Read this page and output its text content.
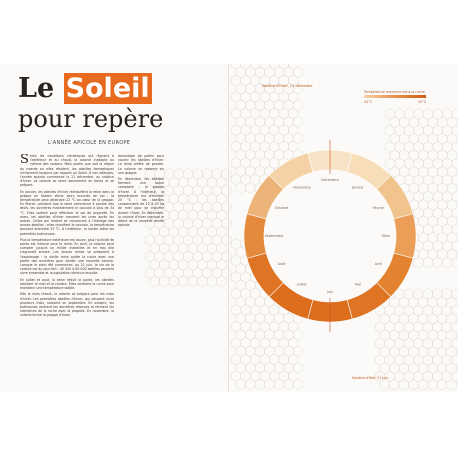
Le Soleil
pour repère
L'ANNÉE APICOLE EN EUROPE
S elon les conditions climatiques qui règnent à l'extérieur et au chaud, la colonie s'adapte au rythme des saisons. Mais quelle que soit la région du monde où elles résident, les abeilles domestiques s'informent toujours par rapport au Soleil. À nos latitudes, l'année apicole commence le 21 décembre, au solstice d'hiver. La colonie se serre doucement en boule et se prépare.

En janvier, les abeilles d'hiver réchauffent la reine dans la grappe en faisant vibrer leurs muscles de vol : la température peut atteindre 22 °C au cœur de la grappe. En février, pendant que la reine commence à pondre des œufs, les ouvrières maintiennent le couvain à plus de 34 °C. Elles sortent pour effectuer le vol de propreté. En mars, les abeilles d'hiver meurent les unes après les autres. Celles qui restent se consacrent à l'élevage des jeunes abeilles : elles chauffent le couvain, la température pouvant atteindre 35 °C. À l'extérieur, la nectar attire les premières butineuses.

Plus la température extérieure est douce, plus l'activité de ponte est intense pour la reine. En avril, la colonie peut compter jusqu'à un millier d'abeilles et en mai elle s'agrandit encore. Les jeunes reines se préparent à l'essaimage : la vieille reine quitte la ruche avec une partie des ouvrières pour fonder une nouvelle colonie. Lorsque le plein été commence, au 21 juin, la vie de la colonie est au plus fort : 40 000 à 60 000 abeilles peuvent vivre ensemble et la population diminue ensuite.

En juillet et août, la reine réduit la ponte, les abeilles stockent le miel et la chaleur. Elles ventilent la ruche pour maintenir une température stable.

Dès le mois d'août, la colonie se prépare pour les mois d'hiver. Les premières abeilles d'hiver, qui peuvent vivre plusieurs mois, naissent en septembre. En octobre, les butineuses rentrent les dernières réserves et ferment les interstices de la ruche avec la propolis. En novembre, la colonie forme la grappe d'hiver.

davantage de pollen pour nourrir les abeilles d'hiver. La reine arrête de pondre. La colonie se resserre en une grappe.

En décembre, les abeilles forment une boule compacte : la grappe d'hiver. À l'intérieur, la température est d'environ 20 °C ; les abeilles consomment de 12 à 20 kg de miel pour se chauffer durant l'hiver. En décembre, la colonie d'hiver marque le début de la nouvelle année apicole.

Décembre
Janvier
Février
Mars
Avril
Mai
Juin
Juillet
Août
Septembre
Octobre
Novembre
Température moyenne dans la ruche
20°C	35°C
Solstice d'hiver, 21 décembre
Solstice d'été, 21 juin
